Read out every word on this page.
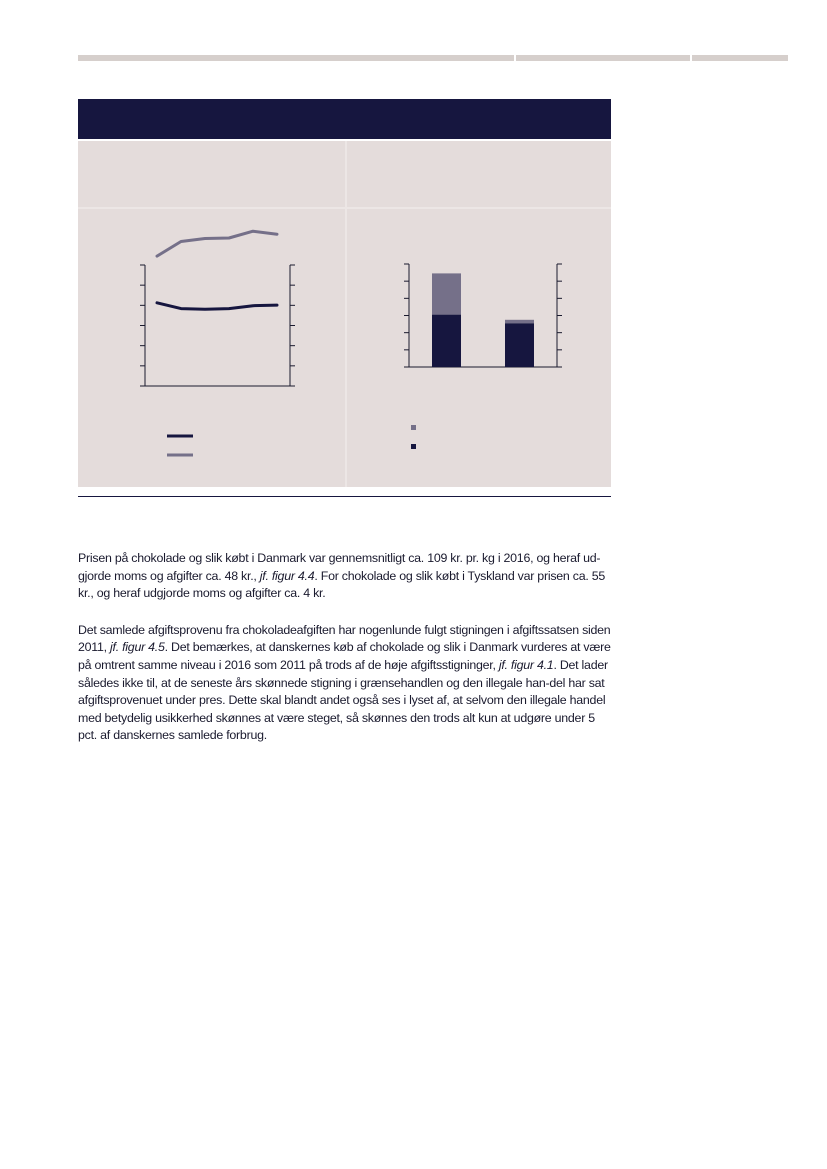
Prisen på chokolade og slik købt i Danmark var gennemsnitligt ca. 109 kr. pr. kg i 2016, og heraf ud-gjorde moms og afgifter ca. 48 kr., jf. figur 4.4. For chokolade og slik købt i Tyskland var prisen ca. 55 kr., og heraf udgjorde moms og afgifter ca. 4 kr.

Det samlede afgiftsprovenu fra chokoladeafgiften har nogenlunde fulgt stigningen i afgiftssatsen siden 2011, jf. figur 4.5. Det bemærkes, at danskernes køb af chokolade og slik i Danmark vurderes at være på omtrent samme niveau i 2016 som 2011 på trods af de høje afgiftsstigninger, jf. figur 4.1. Det lader således ikke til, at de seneste års skønnede stigning i grænsehandlen og den illegale han-del har sat afgiftsprovenuet under pres. Dette skal blandt andet også ses i lyset af, at selvom den illegale handel med betydelig usikkerhed skønnes at være steget, så skønnes den trods alt kun at udgøre under 5 pct. af danskernes samlede forbrug.
